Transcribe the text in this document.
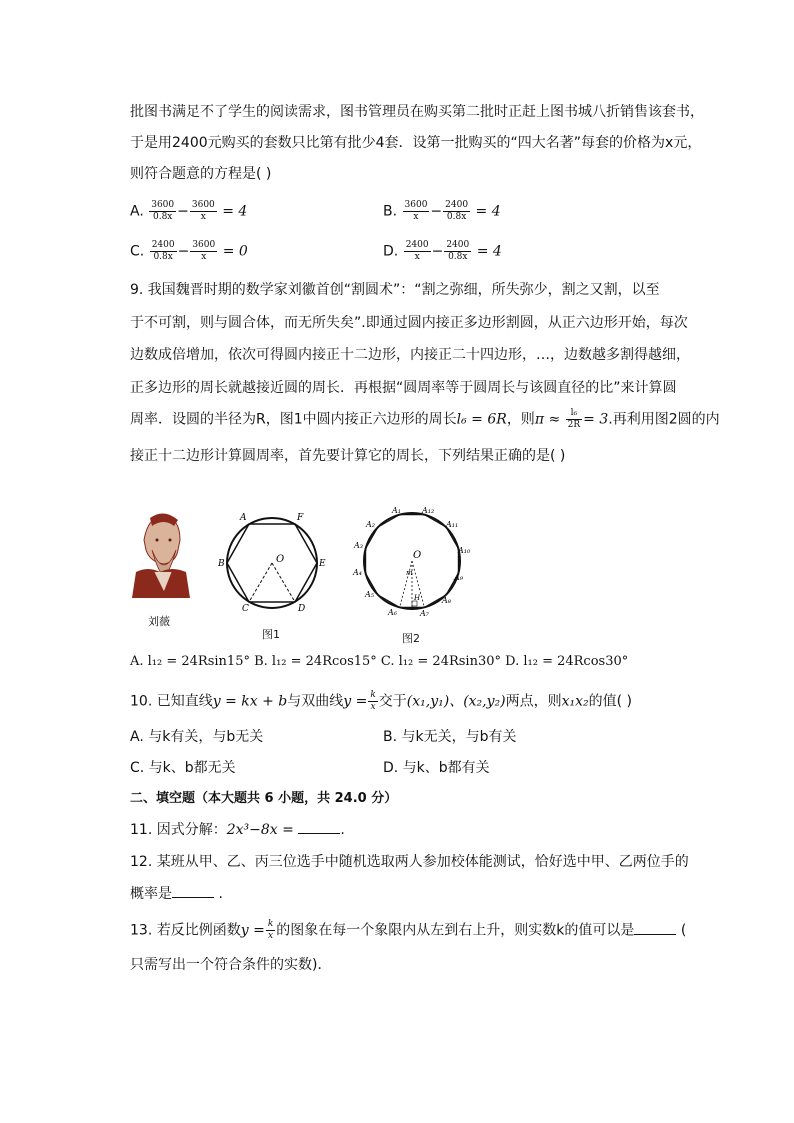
批图书满足不了学生的阅读需求，图书管理员在购买第二批时正赶上图书城八折销售该套书，
于是用2400元购买的套数只比第有批少4套．设第一批购买的“四大名著”每套的价格为x元，
则符合题意的方程是( )
A. $\frac{3600}{0.8x} - \frac{3600}{x} = 4$	B. $\frac{3600}{x} - \frac{2400}{0.8x} = 4$
C. $\frac{2400}{0.8x} - \frac{3600}{x} = 0$	D. $\frac{2400}{x} - \frac{2400}{0.8x} = 4$
9. 我国魏晋时期的数学家刘徽首创“割圆术”：“割之弥细，所失弥少，割之又割，以至
于不可割，则与圆合体，而无所失矣”.即通过圆内接正多边形割圆，从正六边形开始，每次
边数成倍增加，依次可得圆内接正十二边形，内接正二十四边形，…，边数越多割得越细，
正多边形的周长就越接近圆的周长．再根据“圆周率等于圆周长与该圆直径的比”来计算圆
周率．设圆的半径为R，图1中圆内接正六边形的周长l₆ = 6R，则$\pi \approx \frac{\text{l₆}}{2R} = 3$.再利用图2圆的内
接正十二边形计算圆周率，首先要计算它的周长，下列结果正确的是( )
刘薇
A	F
B	O	E
C	D
图1
A₁	A₁₂
A₂	A₁₁
A₃
O	A₁₀
A₄
A₉
A₅
A₈
A₆
H
A₇
m
图2
A. l₁₂ = 24Rsin15° B. l₁₂ = 24Rcos15° C. l₁₂ = 24Rsin30° D. l₁₂ = 24Rcos30°
10. 已知直线y = kx + b与双曲线$y = \frac{k}{x}$ 交于(x₁,y₁)、(x₂,y₂)两点，则x₁x₂的值( )
A. 与k有关，与b无关	B. 与k无关，与b有关
C. 与k、b都无关	D. 与k、b都有关
二、填空题（本大题共 6 小题，共 24.0 分）
11. 因式分解：2x³−8x =	.
12. 某班从甲、乙、丙三位选手中随机选取两人参加校体能测试，恰好选中甲、乙两位手的
概率是	.
13. 若反比例函数$y = \frac{k}{x}$ 的图象在每一个象限内从左到右上升，则实数k的值可以是	(
只需写出一个符合条件的实数)．
